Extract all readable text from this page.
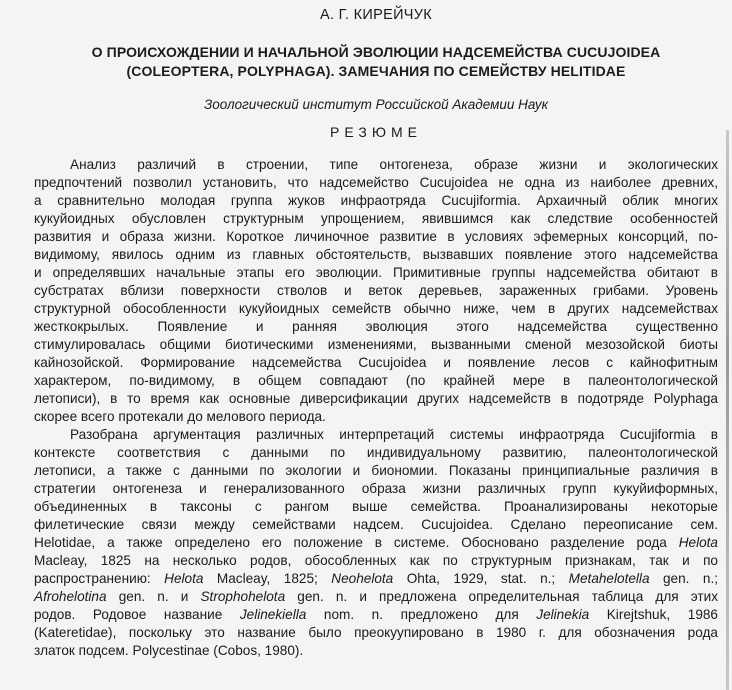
А. Г. КИРЕЙЧУК
О ПРОИСХОЖДЕНИИ И НАЧАЛЬНОЙ ЭВОЛЮЦИИ НАДСЕМЕЙСТВА CUCUJOIDEA
(COLEOPTERA, POLYPHAGA). ЗАМЕЧАНИЯ ПО СЕМЕЙСТВУ HELITIDAE
Зоологический институт Российской Академии Наук
РЕЗЮМЕ

Анализ различий в строении, типе онтогенеза, образе жизни и экологических
предпочтений позволил установить, что надсемейство Cucujoidea не одна из наиболее древних,
а сравнительно молодая группа жуков инфраотряда Cucujiformia. Архаичный облик многих
кукуйоидных обусловлен структурным упрощением, явившимся как следствие особенностей
развития и образа жизни. Короткое личиночное развитие в условиях эфемерных консорций, по-
видимому, явилось одним из главных обстоятельств, вызвавших появление этого надсемейства
и определявших начальные этапы его эволюции. Примитивные группы надсемейства обитают в
субстратах вблизи поверхности стволов и веток деревьев, зараженных грибами. Уровень
структурной обособленности кукуйоидных семейств обычно ниже, чем в других надсемействах
жесткокрылых. Появление и ранняя эволюция этого надсемейства существенно
стимулировалась общими биотическими изменениями, вызванными сменой мезозойской биоты
кайнозойской. Формирование надсемейства Cucujoidea и появление лесов с кайнофитным
характером, по-видимому, в общем совпадают (по крайней мере в палеонтологической
летописи), в то время как основные диверсификации других надсемейств в подотряде Polyphaga
скорее всего протекали до мелового периода.

Разобрана аргументация различных интерпретаций системы инфраотряда Cucujiformia в
контексте соответствия с данными по индивидуальному развитию, палеонтологической
летописи, а также с данными по экологии и биономии. Показаны принципиальные различия в
стратегии онтогенеза и генерализованного образа жизни различных групп кукуйиформных,
объединенных в таксоны с рангом выше семейства. Проанализированы некоторые
филетические связи между семействами надсем. Cucujoidea. Сделано переописание сем.
Helotidae, а также определено его положение в системе. Обосновано разделение рода Helota
Macleay, 1825 на несколько родов, обособленных как по структурным признакам, так и по
распространению: Helota Macleay, 1825; Neohelota Ohta, 1929, stat. n.; Metahelotella gen. n.;
Afrohelotina gen. n. и Strophohelota gen. n. и предложена определительная таблица для этих
родов. Родовое название Jelinekiella nom. n. предложено для Jelinekia Kirejtshuk, 1986
(Kateretidae), поскольку это название было преокуупировано в 1980 г. для обозначения рода
златок подсем. Polycestinae (Cobos, 1980).
